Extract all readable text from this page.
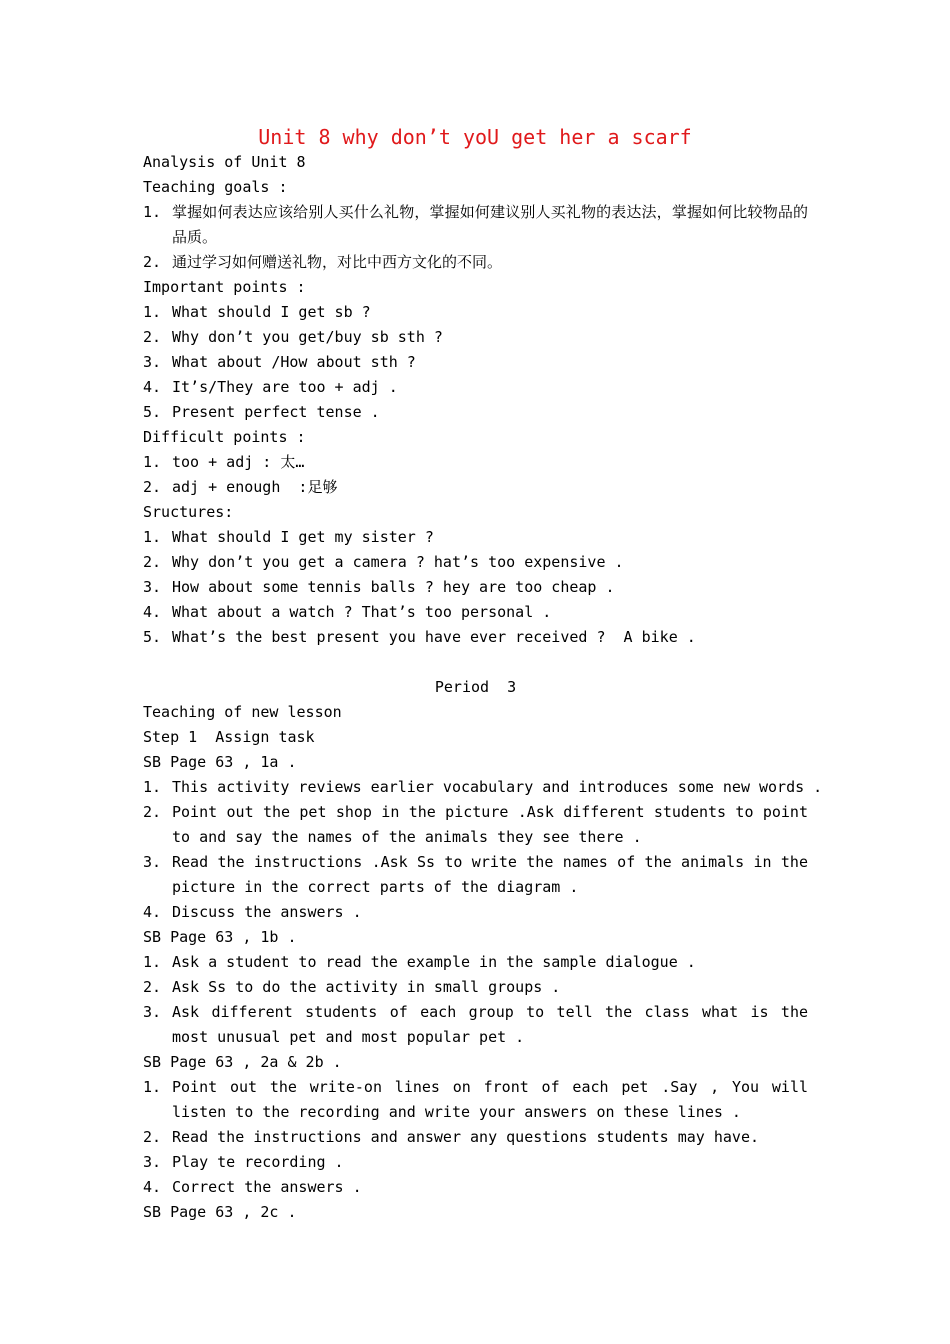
Unit 8 why don’t yoU get her a scarf
Analysis of Unit 8
Teaching goals :
1. 掌握如何表达应该给别人买什么礼物，掌握如何建议别人买礼物的表达法，掌握如何比较物品的品质。
2. 通过学习如何赠送礼物，对比中西方文化的不同。
Important points :
1. What should I get sb ?
2. Why don’t you get/buy sb sth ?
3. What about /How about sth ?
4. It’s/They are too + adj .
5. Present perfect tense .
Difficult points :
1. too + adj : 太…
2. adj + enough  :足够
Sructures:
1. What should I get my sister ?
2. Why don’t you get a camera ? hat’s too expensive .
3. How about some tennis balls ? hey are too cheap .
4. What about a watch ? That’s too personal .
5. What’s the best present you have ever received ?  A bike .
Period  3
Teaching of new lesson
Step 1  Assign task
SB Page 63 , 1a .
1. This activity reviews earlier vocabulary and introduces some new words .
2. Point out the pet shop in the picture .Ask different students to point to and say the names of the animals they see there .
3. Read the instructions .Ask Ss to write the names of the animals in the picture in the correct parts of the diagram .
4. Discuss the answers .
SB Page 63 , 1b .
1. Ask a student to read the example in the sample dialogue .
2. Ask Ss to do the activity in small groups .
3. Ask different students of each group to tell the class what is the most unusual pet and most popular pet .
SB Page 63 , 2a & 2b .
1. Point out the write-on lines on front of each pet .Say , You will listen to the recording and write your answers on these lines .
2. Read the instructions and answer any questions students may have.
3. Play te recording .
4. Correct the answers .
SB Page 63 , 2c .
